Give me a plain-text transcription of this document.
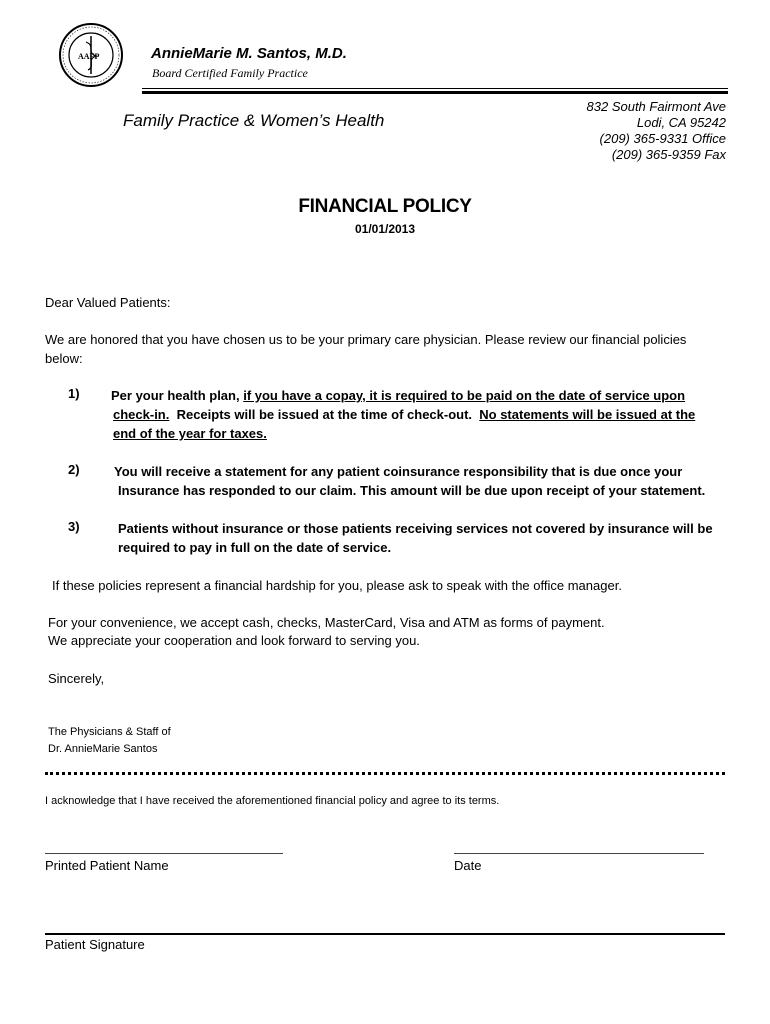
AAFP	AnnieMarie M. Santos, M.D.
Board Certified Family Practice
Family Practice & Women’s Health
832 South Fairmont Ave
Lodi, CA 95242
(209) 365-9331 Office
(209) 365-9359 Fax
FINANCIAL POLICY
01/01/2013
Dear Valued Patients:
We are honored that you have chosen us to be your primary care physician. Please review our financial policies below:
1) Per your health plan, if you have a copay, it is required to be paid on the date of service upon
check-in.  Receipts will be issued at the time of check-out.  No statements will be issued at the
end of the year for taxes.
2)	You will receive a statement for any patient coinsurance responsibility that is due once your
Insurance has responded to our claim. This amount will be due upon receipt of your statement.
3)	Patients without insurance or those patients receiving services not covered by insurance will be
required to pay in full on the date of service.
If these policies represent a financial hardship for you, please ask to speak with the office manager.
For your convenience, we accept cash, checks, MasterCard, Visa and ATM as forms of payment.
We appreciate your cooperation and look forward to serving you.
Sincerely,
The Physicians & Staff of
Dr. AnnieMarie Santos
I acknowledge that I have received the aforementioned financial policy and agree to its terms.
Printed Patient Name	Date
Patient Signature
